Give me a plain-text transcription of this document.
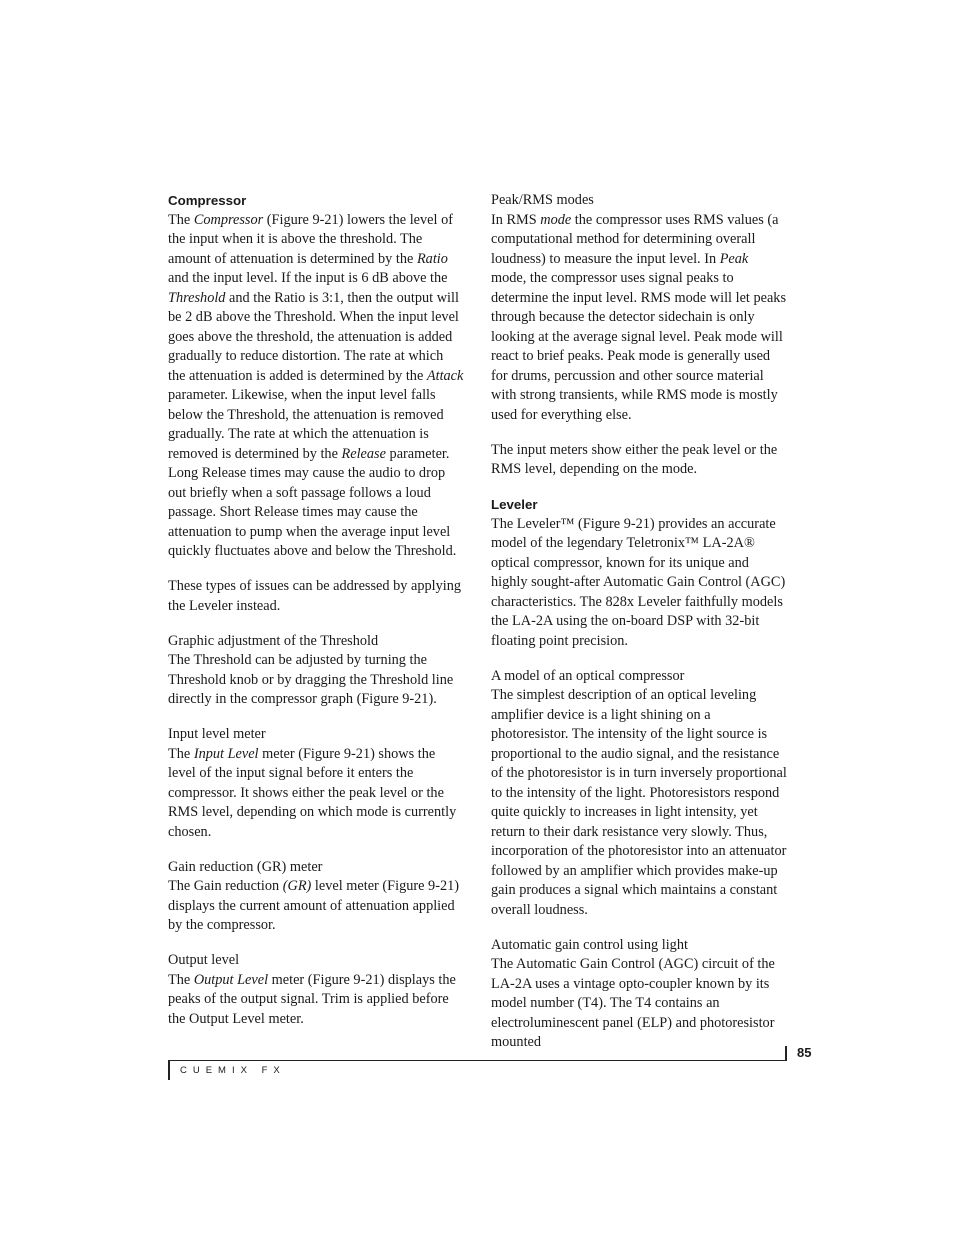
Compressor

The Compressor (Figure 9-21) lowers the level of the input when it is above the threshold. The amount of attenuation is determined by the Ratio and the input level. If the input is 6 dB above the Threshold and the Ratio is 3:1, then the output will be 2 dB above the Threshold. When the input level goes above the threshold, the attenuation is added gradually to reduce distortion. The rate at which the attenuation is added is determined by the Attack parameter. Likewise, when the input level falls below the Threshold, the attenuation is removed gradually. The rate at which the attenuation is removed is determined by the Release parameter. Long Release times may cause the audio to drop out briefly when a soft passage follows a loud passage. Short Release times may cause the attenuation to pump when the average input level quickly fluctuates above and below the Threshold.

These types of issues can be addressed by applying the Leveler instead.

Graphic adjustment of the Threshold

The Threshold can be adjusted by turning the Threshold knob or by dragging the Threshold line directly in the compressor graph (Figure 9-21).

Input level meter

The Input Level meter (Figure 9-21) shows the level of the input signal before it enters the compressor. It shows either the peak level or the RMS level, depending on which mode is currently chosen.

Gain reduction (GR) meter

The Gain reduction (GR) level meter (Figure 9-21) displays the current amount of attenuation applied by the compressor.

Output level

The Output Level meter (Figure 9-21) displays the peaks of the output signal. Trim is applied before the Output Level meter.

Peak/RMS modes

In RMS mode the compressor uses RMS values (a computational method for determining overall loudness) to measure the input level. In Peak mode, the compressor uses signal peaks to determine the input level. RMS mode will let peaks through because the detector sidechain is only looking at the average signal level. Peak mode will react to brief peaks. Peak mode is generally used for drums, percussion and other source material with strong transients, while RMS mode is mostly used for everything else.

The input meters show either the peak level or the RMS level, depending on the mode.

Leveler

The Leveler™ (Figure 9-21) provides an accurate model of the legendary Teletronix™ LA-2A® optical compressor, known for its unique and highly sought-after Automatic Gain Control (AGC) characteristics. The 828x Leveler faithfully models the LA-2A using the on-board DSP with 32-bit floating point precision.

A model of an optical compressor

The simplest description of an optical leveling amplifier device is a light shining on a photoresistor. The intensity of the light source is proportional to the audio signal, and the resistance of the photoresistor is in turn inversely proportional to the intensity of the light. Photoresistors respond quite quickly to increases in light intensity, yet return to their dark resistance very slowly. Thus, incorporation of the photoresistor into an attenuator followed by an amplifier which provides make-up gain produces a signal which maintains a constant overall loudness.

Automatic gain control using light

The Automatic Gain Control (AGC) circuit of the LA-2A uses a vintage opto-coupler known by its model number (T4). The T4 contains an electroluminescent panel (ELP) and photoresistor mounted

85
CUEMIX FX
